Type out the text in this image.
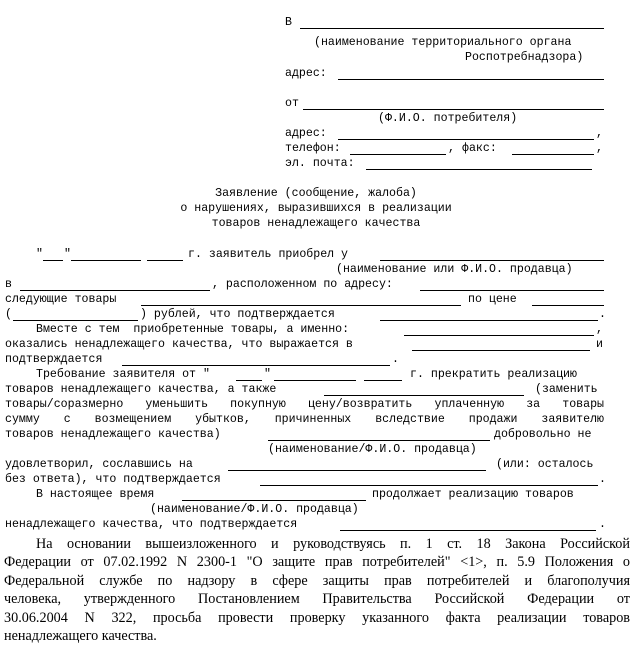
В
(наименование территориального органа
Роспотребнадзора)
адрес:
от
(Ф.И.О. потребителя)
адрес:	,
телефон:	, факс:	,
эл. почта:
Заявление (сообщение, жалоба)
о нарушениях, выразившихся в реализации
товаров ненадлежащего качества
" "	г. заявитель приобрел у
(наименование или Ф.И.О. продавца)
в	, расположенном по адресу:
следующие товары	по цене
(	) рублей, что подтверждается	.
Вместе с тем  приобретенные товары, а именно:	,
оказались ненадлежащего качества, что выражается в	и
подтверждается	.
Требование заявителя от "	"	г. прекратить реализацию
товаров ненадлежащего качества, а также	(заменить
товары/соразмерно уменьшить покупную цену/возвратить уплаченную за товары
сумму с возмещением убытков, причиненных вследствие продажи заявителю
товаров ненадлежащего качества)	добровольно не
(наименование/Ф.И.О. продавца)
удовлетворил, сославшись на	(или: осталось
без ответа), что подтверждается	.
В настоящее время	продолжает реализацию товаров
(наименование/Ф.И.О. продавца)
ненадлежащего качества, что подтверждается	.
На основании вышеизложенного и руководствуясь п. 1 ст. 18 Закона Российской
Федерации от 07.02.1992 N 2300-1 "О защите прав потребителей" <1>, п. 5.9 Положения о
Федеральной службе по надзору в сфере защиты прав потребителей и благополучия
человека, утвержденного Постановлением Правительства Российской Федерации от
30.06.2004 N 322, просьба провести проверку указанного факта реализации товаров
ненадлежащего качества.
